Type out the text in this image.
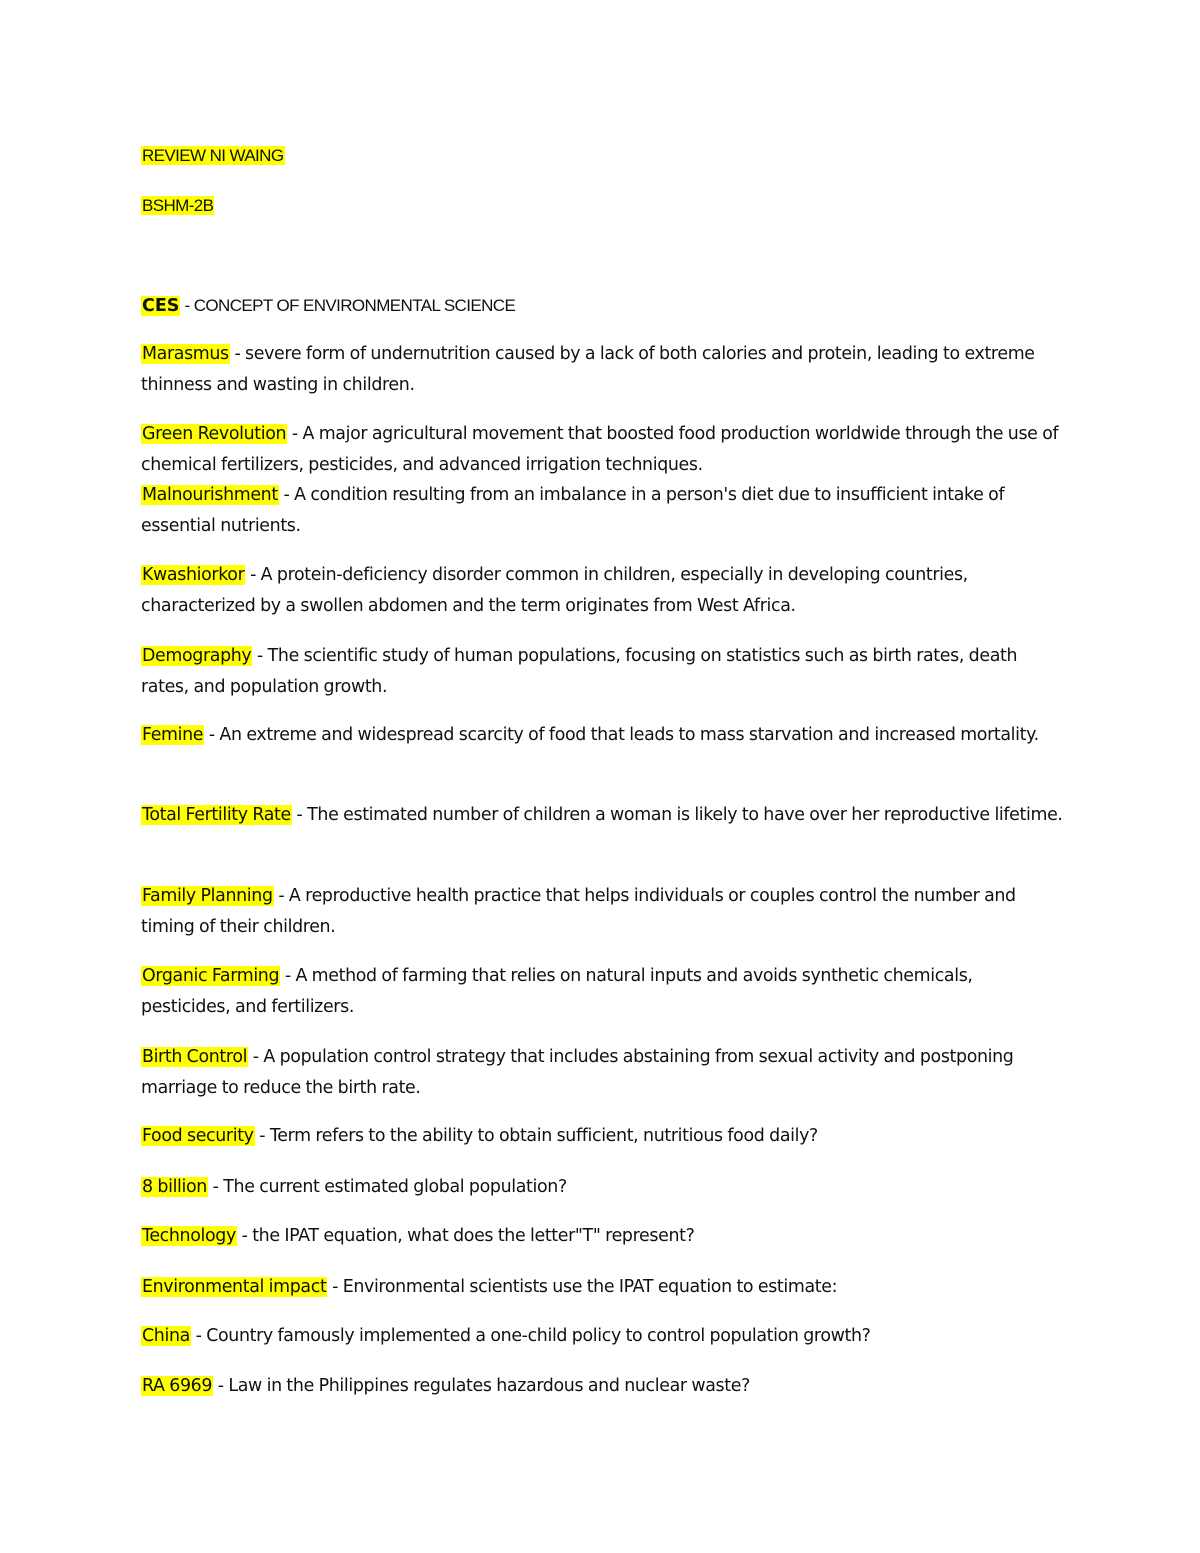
REVIEW NI WAING
BSHM-2B
CES - CONCEPT OF ENVIRONMENTAL SCIENCE
Marasmus - severe form of undernutrition caused by a lack of both calories and protein, leading to extreme thinness and wasting in children.
Green Revolution - A major agricultural movement that boosted food production worldwide through the use of chemical fertilizers, pesticides, and advanced irrigation techniques.
Malnourishment - A condition resulting from an imbalance in a person's diet due to insufficient intake of essential nutrients.
Kwashiorkor - A protein-deficiency disorder common in children, especially in developing countries, characterized by a swollen abdomen and the term originates from West Africa.
Demography - The scientific study of human populations, focusing on statistics such as birth rates, death rates, and population growth.
Femine - An extreme and widespread scarcity of food that leads to mass starvation and increased mortality.
Total Fertility Rate - The estimated number of children a woman is likely to have over her reproductive lifetime.
Family Planning - A reproductive health practice that helps individuals or couples control the number and timing of their children.
Organic Farming - A method of farming that relies on natural inputs and avoids synthetic chemicals, pesticides, and fertilizers.
Birth Control - A population control strategy that includes abstaining from sexual activity and postponing marriage to reduce the birth rate.
Food security - Term refers to the ability to obtain sufficient, nutritious food daily?
8 billion - The current estimated global population?
Technology - the IPAT equation, what does the letter"T" represent?
Environmental impact - Environmental scientists use the IPAT equation to estimate:
China - Country famously implemented a one-child policy to control population growth?
RA 6969 - Law in the Philippines regulates hazardous and nuclear waste?
